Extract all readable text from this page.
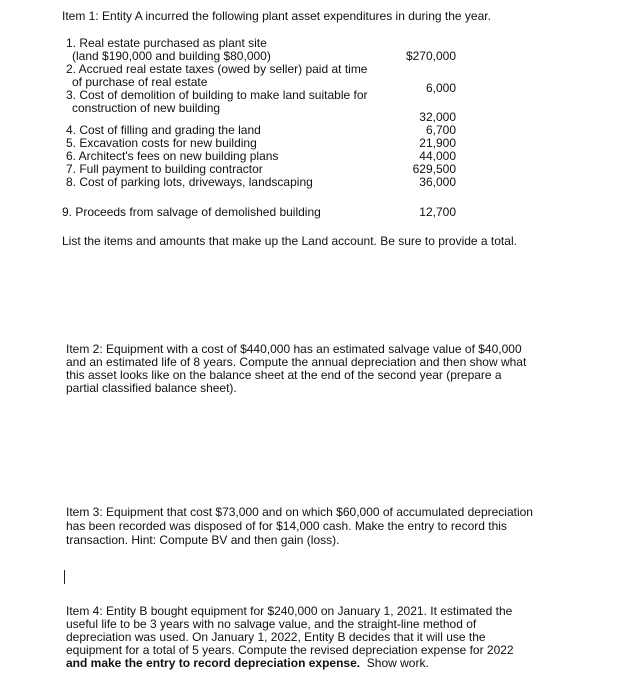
Item 1: Entity A incurred the following plant asset expenditures in during the year.

1. Real estate purchased as plant site
(land $190,000 and building $80,000)	$270,000
2. Accrued real estate taxes (owed by seller) paid at time
of purchase of real estate	6,000
3. Cost of demolition of building to make land suitable for
construction of new building
32,000
4. Cost of filling and grading the land	6,700
5. Excavation costs for new building	21,900
6. Architect's fees on new building plans	44,000
7. Full payment to building contractor	629,500
8. Cost of parking lots, driveways, landscaping	36,000
9. Proceeds from salvage of demolished building	12,700

List the items and amounts that make up the Land account. Be sure to provide a total.

Item 2: Equipment with a cost of $440,000 has an estimated salvage value of $40,000
and an estimated life of 8 years. Compute the annual depreciation and then show what
this asset looks like on the balance sheet at the end of the second year (prepare a
partial classified balance sheet).
Item 3: Equipment that cost $73,000 and on which $60,000 of accumulated depreciation
has been recorded was disposed of for $14,000 cash. Make the entry to record this
transaction. Hint: Compute BV and then gain (loss).
Item 4: Entity B bought equipment for $240,000 on January 1, 2021. It estimated the
useful life to be 3 years with no salvage value, and the straight-line method of
depreciation was used. On January 1, 2022, Entity B decides that it will use the
equipment for a total of 5 years. Compute the revised depreciation expense for 2022
and make the entry to record depreciation expense.  Show work.
